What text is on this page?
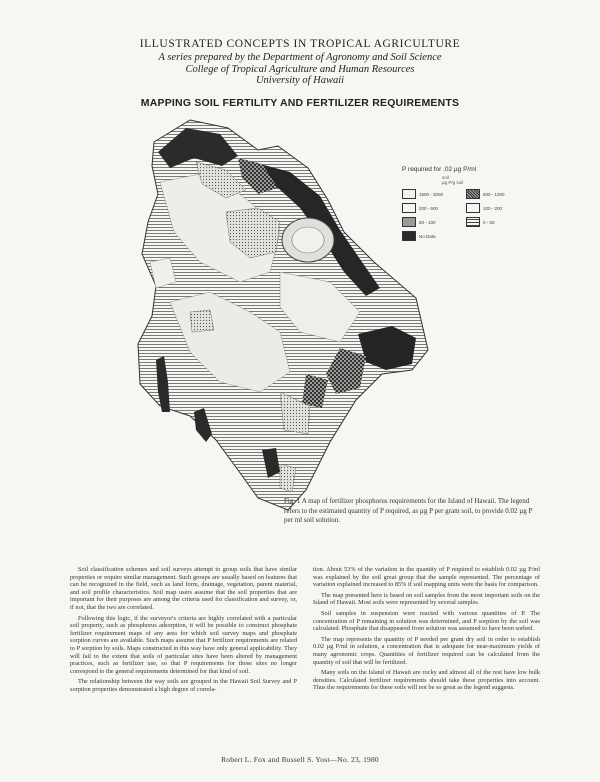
ILLUSTRATED CONCEPTS IN TROPICAL AGRICULTURE
A series prepared by the Department of Agronomy and Soil Science
College of Tropical Agriculture and Human Resources
University of Hawaii
MAPPING SOIL FERTILITY AND FERTILIZER REQUIREMENTS
P required for .02 µg P/ml
soil
µg P/g soil
1500 - 3000	600 - 1000
200 - 600	100 - 200
50 - 100	0 - 50
No Data
Fig. 1 A map of fertilizer phosphorus requirements for the Island of Hawaii. The legend refers to the estimated quantity of P required, as µg P per gram soil, to provide 0.02 µg P per ml soil solution.

Soil classification schemes and soil surveys attempt to group soils that have similar properties or require similar management. Such groups are usually based on features that can be recognized in the field, such as land form, drainage, vegetation, parent material, and soil profile characteristics. Soil map users assume that the soil properties that are important for their purposes are among the criteria used for classification and survey, or, if not, that the two are correlated.

Following this logic, if the surveyor's criteria are highly correlated with a particular soil property, such as phosphorus adsorption, it will be possible to construct phosphate fertilizer requirement maps of any area for which soil survey maps and phosphate sorption curves are available. Such maps assume that P fertilizer requirements are related to P sorption by soils. Maps constructed in this way have only general applicability. They will fail to the extent that soils of particular sites have been altered by management practices, such as fertilizer use, so that P requirements for those sites no longer correspond to the general requirements determined for that kind of soil.

The relationship between the way soils are grouped in the Hawaii Soil Survey and P sorption properties demonstrated a high degree of correla-

tion. About 53% of the variation in the quantity of P required to establish 0.02 µg P/ml was explained by the soil great group that the sample represented. The percentage of variation explained increased to 85% if soil mapping units were the basis for comparison.

The map presented here is based on soil samples from the most important soils on the Island of Hawaii. Most soils were represented by several samples.

Soil samples in suspension were reacted with various quantities of P. The concentration of P remaining in solution was determined, and P sorption by the soil was calculated. Phosphate that disappeared from solution was assumed to have been sorbed.

The map represents the quantity of P needed per gram dry soil in order to establish 0.02 µg P/ml in solution, a concentration that is adequate for near-maximum yields of many agronomic crops. Quantities of fertilizer required can be calculated from the quantity of soil that will be fertilized.

Many soils on the Island of Hawaii are rocky and almost all of the rest have low bulk densities. Calculated fertilizer requirements should take these properties into account. Thus the requirements for these soils will not be so great as the legend suggests.

Robert L. Fox and Russell S. Yost—No. 23, 1980
